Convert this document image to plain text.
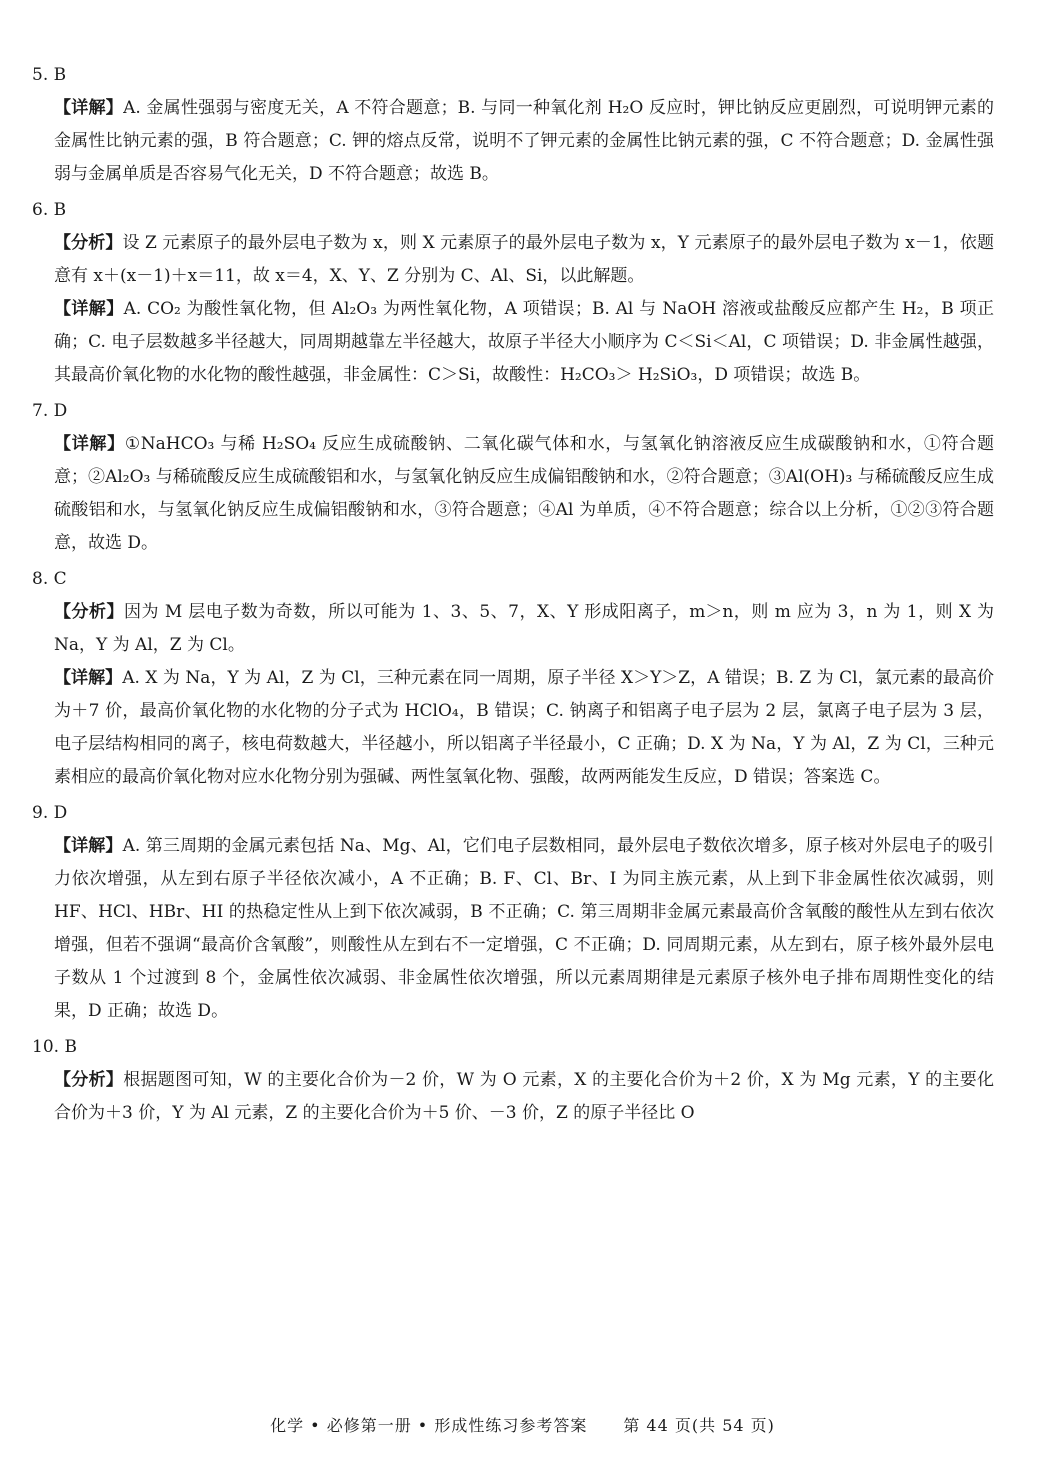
5. B

【详解】A. 金属性强弱与密度无关，A 不符合题意；B. 与同一种氧化剂 H₂O 反应时，钾比钠反应更剧烈，可说明钾元素的金属性比钠元素的强，B 符合题意；C. 钾的熔点反常，说明不了钾元素的金属性比钠元素的强，C 不符合题意；D. 金属性强弱与金属单质是否容易气化无关，D 不符合题意；故选 B。

6. B

【分析】设 Z 元素原子的最外层电子数为 x，则 X 元素原子的最外层电子数为 x，Y 元素原子的最外层电子数为 x－1，依题意有 x＋(x－1)＋x＝11，故 x＝4，X、Y、Z 分别为 C、Al、Si，以此解题。

【详解】A. CO₂ 为酸性氧化物，但 Al₂O₃ 为两性氧化物，A 项错误；B. Al 与 NaOH 溶液或盐酸反应都产生 H₂，B 项正确；C. 电子层数越多半径越大，同周期越靠左半径越大，故原子半径大小顺序为 C＜Si＜Al，C 项错误；D. 非金属性越强，其最高价氧化物的水化物的酸性越强，非金属性：C＞Si，故酸性：H₂CO₃＞ H₂SiO₃，D 项错误；故选 B。

7. D

【详解】①NaHCO₃ 与稀 H₂SO₄ 反应生成硫酸钠、二氧化碳气体和水，与氢氧化钠溶液反应生成碳酸钠和水，①符合题意；②Al₂O₃ 与稀硫酸反应生成硫酸铝和水，与氢氧化钠反应生成偏铝酸钠和水，②符合题意；③Al(OH)₃ 与稀硫酸反应生成硫酸铝和水，与氢氧化钠反应生成偏铝酸钠和水，③符合题意；④Al 为单质，④不符合题意；综合以上分析，①②③符合题意，故选 D。

8. C

【分析】因为 M 层电子数为奇数，所以可能为 1、3、5、7，X、Y 形成阳离子，m＞n，则 m 应为 3，n 为 1，则 X 为 Na，Y 为 Al，Z 为 Cl。

【详解】A. X 为 Na，Y 为 Al，Z 为 Cl，三种元素在同一周期，原子半径 X＞Y＞Z，A 错误；B. Z 为 Cl，氯元素的最高价为＋7 价，最高价氧化物的水化物的分子式为 HClO₄，B 错误；C. 钠离子和铝离子电子层为 2 层，氯离子电子层为 3 层，电子层结构相同的离子，核电荷数越大，半径越小，所以铝离子半径最小，C 正确；D. X 为 Na，Y 为 Al，Z 为 Cl，三种元素相应的最高价氧化物对应水化物分别为强碱、两性氢氧化物、强酸，故两两能发生反应，D 错误；答案选 C。

9. D

【详解】A. 第三周期的金属元素包括 Na、Mg、Al，它们电子层数相同，最外层电子数依次增多，原子核对外层电子的吸引力依次增强，从左到右原子半径依次减小，A 不正确；B. F、Cl、Br、I 为同主族元素，从上到下非金属性依次减弱，则 HF、HCl、HBr、HI 的热稳定性从上到下依次减弱，B 不正确；C. 第三周期非金属元素最高价含氧酸的酸性从左到右依次增强，但若不强调“最高价含氧酸”，则酸性从左到右不一定增强，C 不正确；D. 同周期元素，从左到右，原子核外最外层电子数从 1 个过渡到 8 个，金属性依次减弱、非金属性依次增强，所以元素周期律是元素原子核外电子排布周期性变化的结果，D 正确；故选 D。

10. B

【分析】根据题图可知，W 的主要化合价为－2 价，W 为 O 元素，X 的主要化合价为＋2 价，X 为 Mg 元素，Y 的主要化合价为＋3 价，Y 为 Al 元素，Z 的主要化合价为＋5 价、－3 价，Z 的原子半径比 O

化学 • 必修第一册 • 形成性练习参考答案 第 44 页(共 54 页)
